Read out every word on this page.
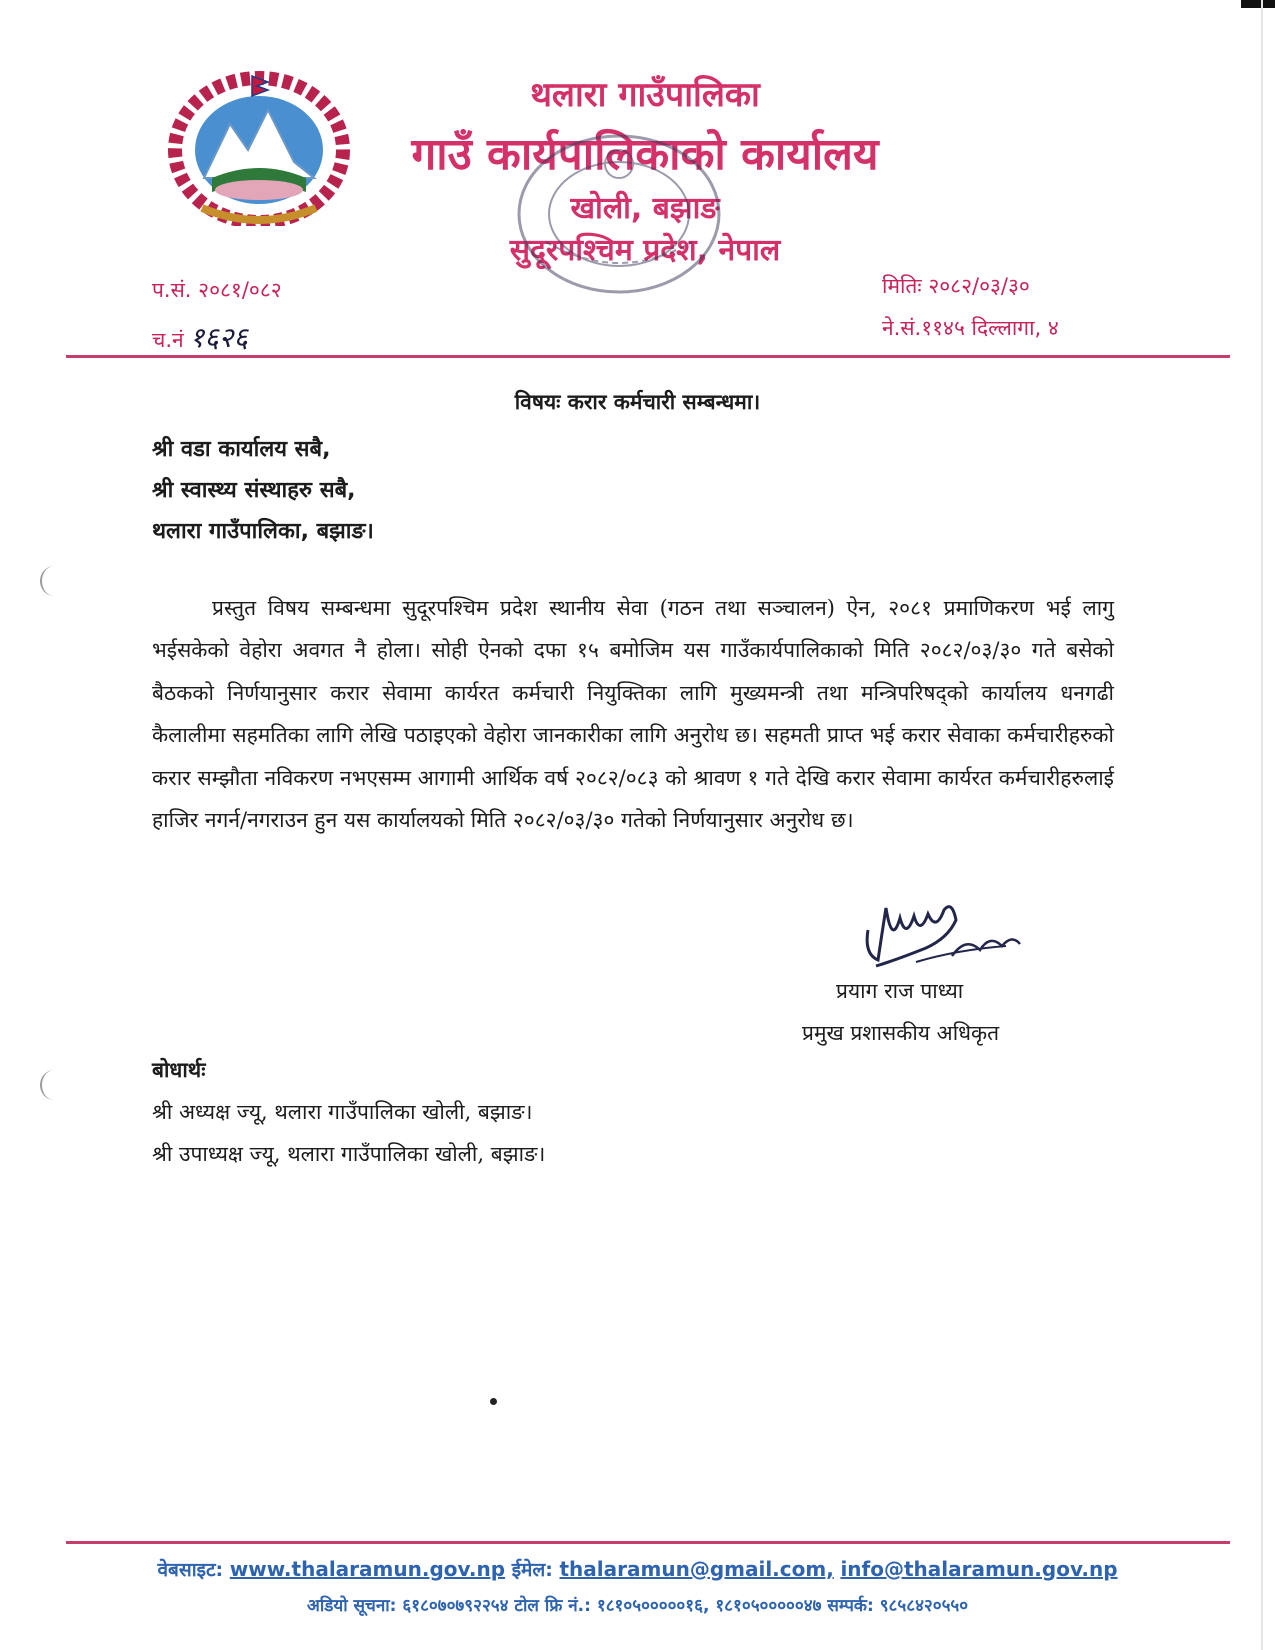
थलारा गाउँपालिका
गाउँ कार्यपालिकाको कार्यालय
खोली, बझाङ
सुदूरपश्चिम प्रदेश, नेपाल
प.सं. २०८१/०८२
च.नं १६२६
मितिः २०८२/०३/३०
ने.सं.११४५ दिल्लागा, ४
विषयः करार कर्मचारी सम्बन्धमा।
श्री वडा कार्यालय सबै,
श्री स्वास्थ्य संस्थाहरु सबै,
थलारा गाउँपालिका, बझाङ।
प्रस्तुत विषय सम्बन्धमा सुदूरपश्चिम प्रदेश स्थानीय सेवा (गठन तथा सञ्चालन) ऐन, २०८१ प्रमाणिकरण भई लागु भईसकेको वेहोरा अवगत नै होला। सोही ऐनको दफा १५ बमोजिम यस गाउँकार्यपालिकाको मिति २०८२/०३/३० गते बसेको बैठकको निर्णयानुसार करार सेवामा कार्यरत कर्मचारी नियुक्तिका लागि मुख्यमन्त्री तथा मन्त्रिपरिषद्को कार्यालय धनगढी कैलालीमा सहमतिका लागि लेखि पठाइएको वेहोरा जानकारीका लागि अनुरोध छ। सहमती प्राप्त भई करार सेवाका कर्मचारीहरुको करार सम्झौता नविकरण नभएसम्म आगामी आर्थिक वर्ष २०८२/०८३ को श्रावण १ गते देखि करार सेवामा कार्यरत कर्मचारीहरुलाई हाजिर नगर्न/नगराउन हुन यस कार्यालयको मिति २०८२/०३/३० गतेको निर्णयानुसार अनुरोध छ।
प्रयाग राज पाध्या
प्रमुख प्रशासकीय अधिकृत
बोधार्थः
श्री अध्यक्ष ज्यू, थलारा गाउँपालिका खोली, बझाङ।
श्री उपाध्यक्ष ज्यू, थलारा गाउँपालिका खोली, बझाङ।
वेबसाइट: www.thalaramun.gov.np ईमेल: thalaramun@gmail.com, info@thalaramun.gov.np
अडियो सूचना: ६१८०७०७९२२५४ टोल फ्रि नं.: १८१०५०००००१६, १८१०५०००००४७ सम्पर्क: ९८५८४२०५५०
